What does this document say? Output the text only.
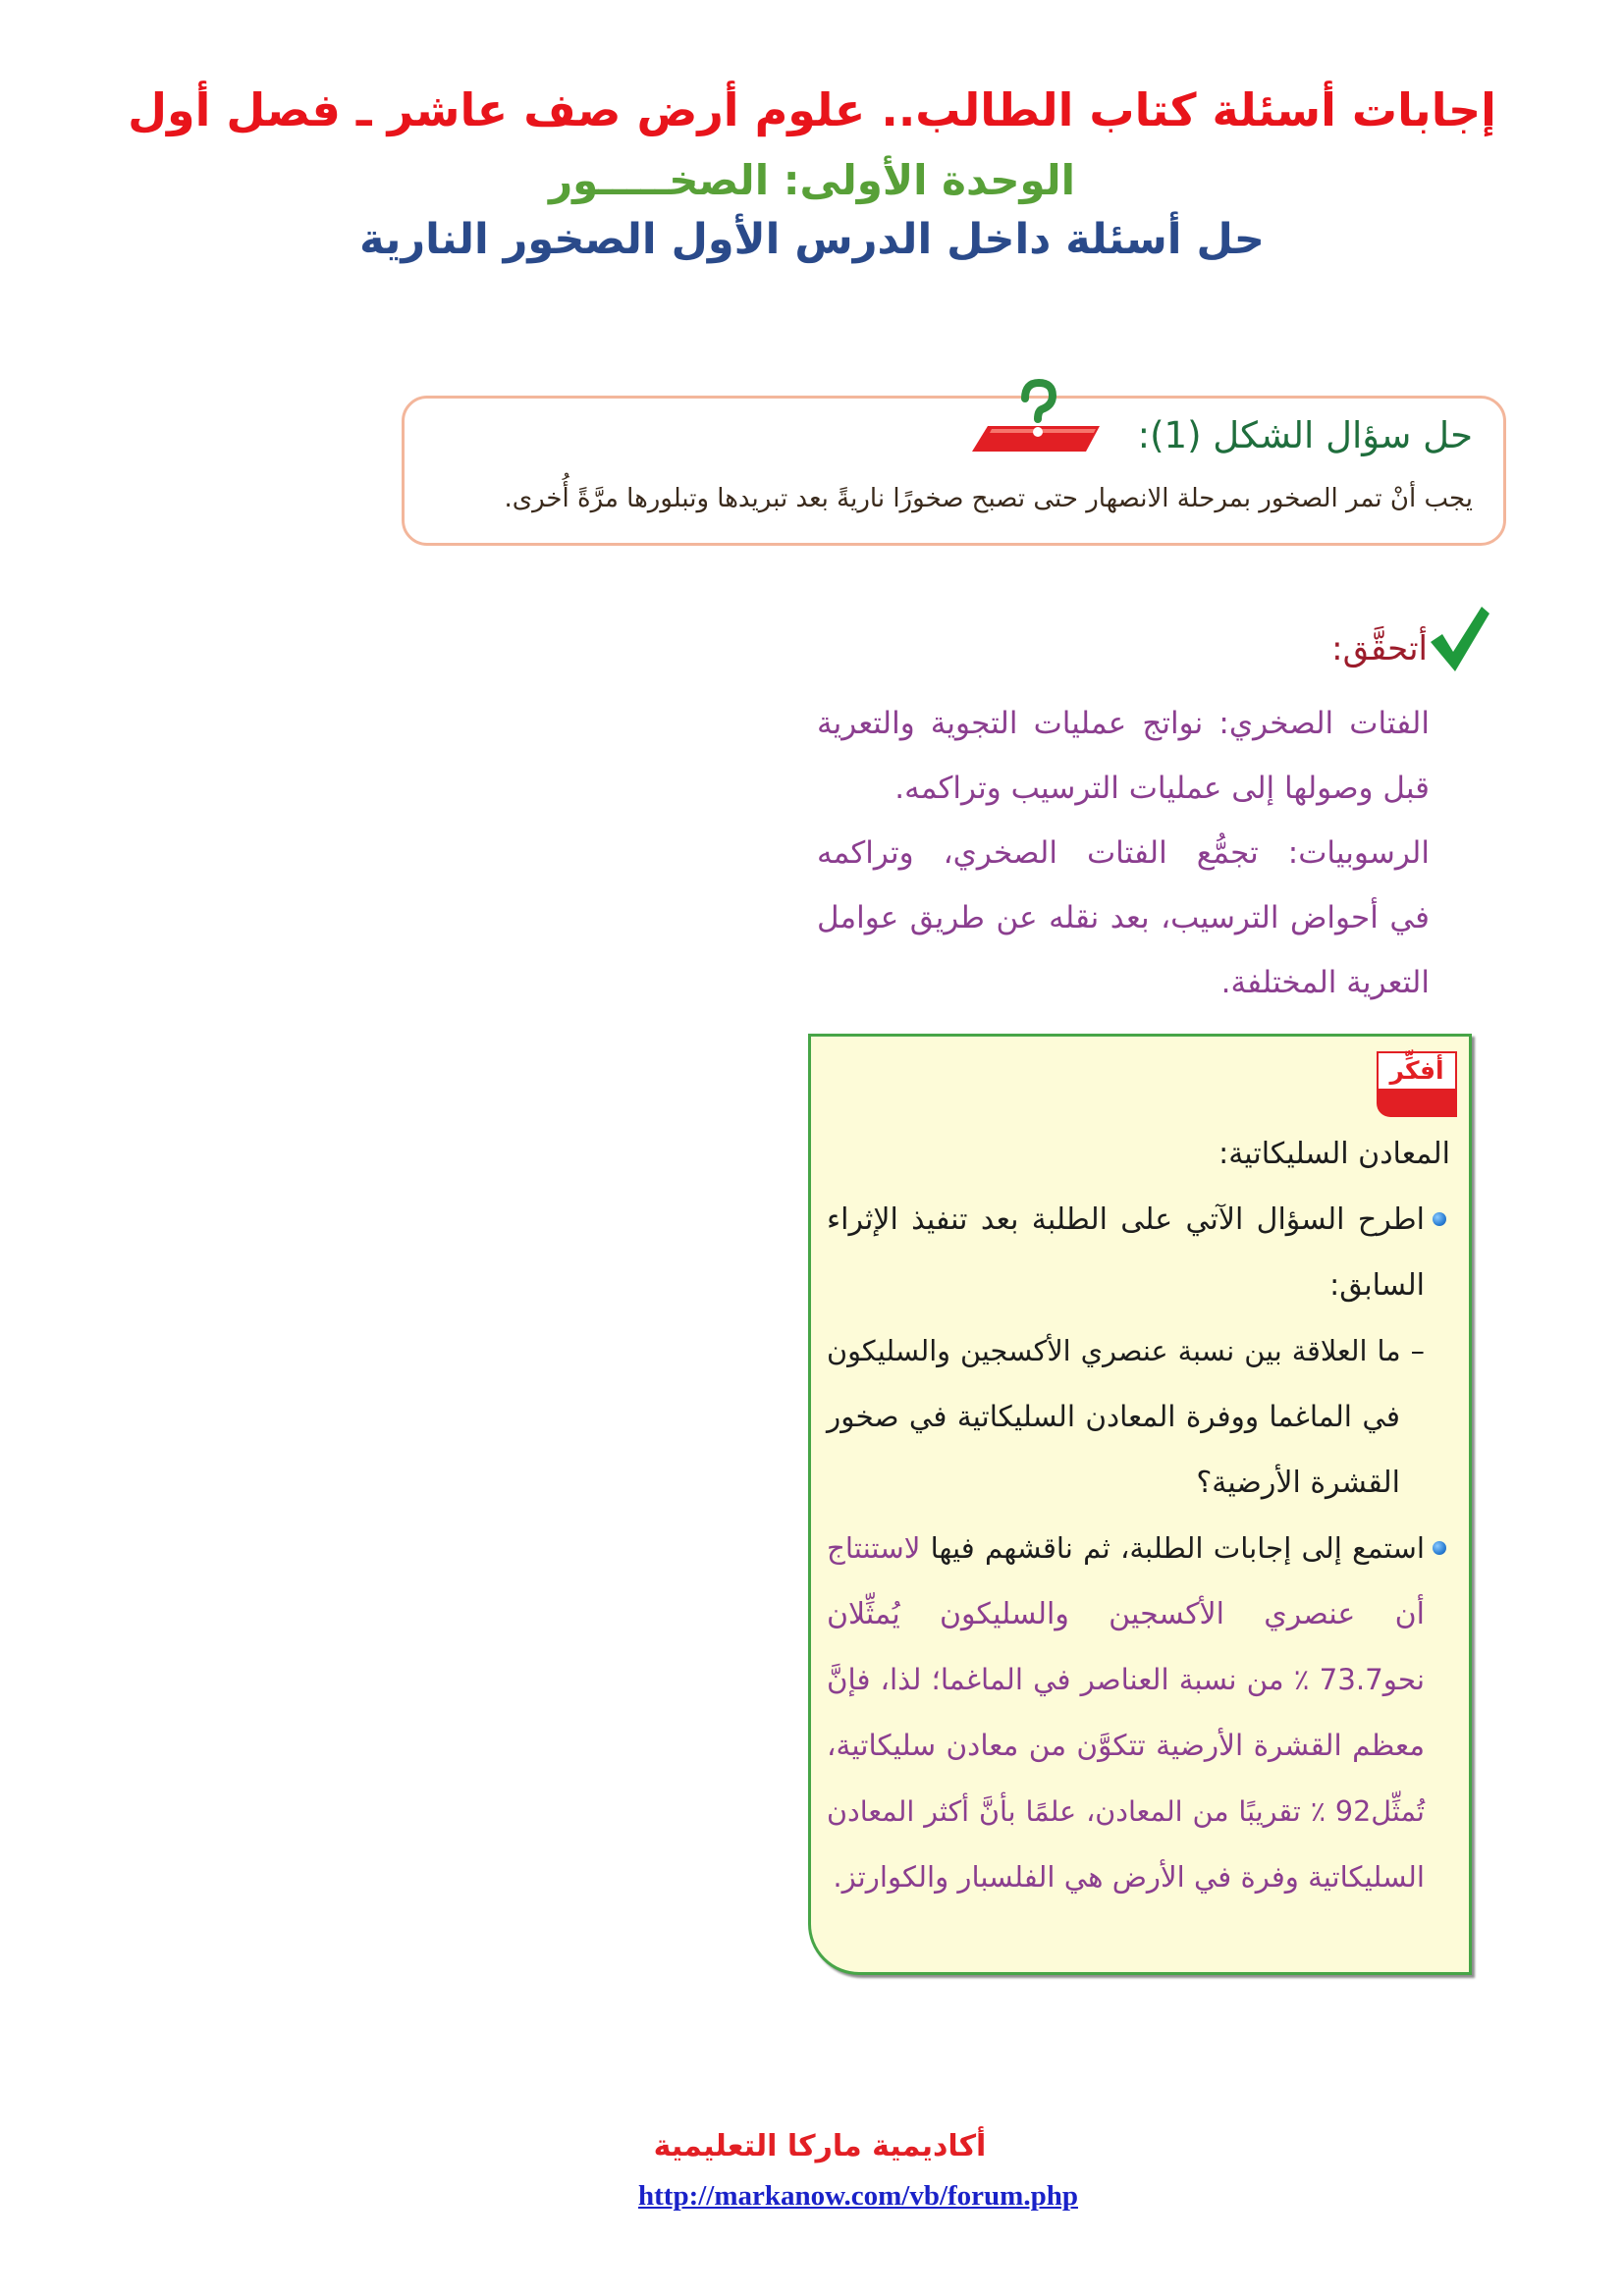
إجابات أسئلة كتاب الطالب.. علوم أرض صف عاشر ـ فصل أول
الوحدة الأولى: الصخـــــور
حل أسئلة داخل الدرس الأول الصخور النارية
حل سؤال الشكل (1):
يجب أنْ تمر الصخور بمرحلة الانصهار حتى تصبح صخورًا ناريةً بعد تبريدها وتبلورها مرَّةً أُخرى.
أتحقَّق:
الفتات الصخري: نواتج عمليات التجوية والتعرية
قبل وصولها إلى عمليات الترسيب وتراكمه.
الرسوبيات: تجمُّع الفتات الصخري، وتراكمه
في أحواض الترسيب، بعد نقله عن طريق عوامل
التعرية المختلفة.
أفكِّر
المعادن السليكاتية:
اطرح السؤال الآتي على الطلبة بعد تنفيذ الإثراء
السابق:
– ما العلاقة بين نسبة عنصري الأكسجين والسليكون
في الماغما ووفرة المعادن السليكاتية في صخور
القشرة الأرضية؟
استمع إلى إجابات الطلبة، ثم ناقشهم فيها لاستنتاج
أن عنصري الأكسجين والسليكون يُمثِّلان
نحو73.7 ٪ من نسبة العناصر في الماغما؛ لذا، فإنَّ
معظم القشرة الأرضية تتكوَّن من معادن سليكاتية،
تُمثِّل92 ٪ تقريبًا من المعادن، علمًا بأنَّ أكثر المعادن
السليكاتية وفرة في الأرض هي الفلسبار والكوارتز.
أكاديمية ماركا التعليمية
http://markanow.com/vb/forum.php
